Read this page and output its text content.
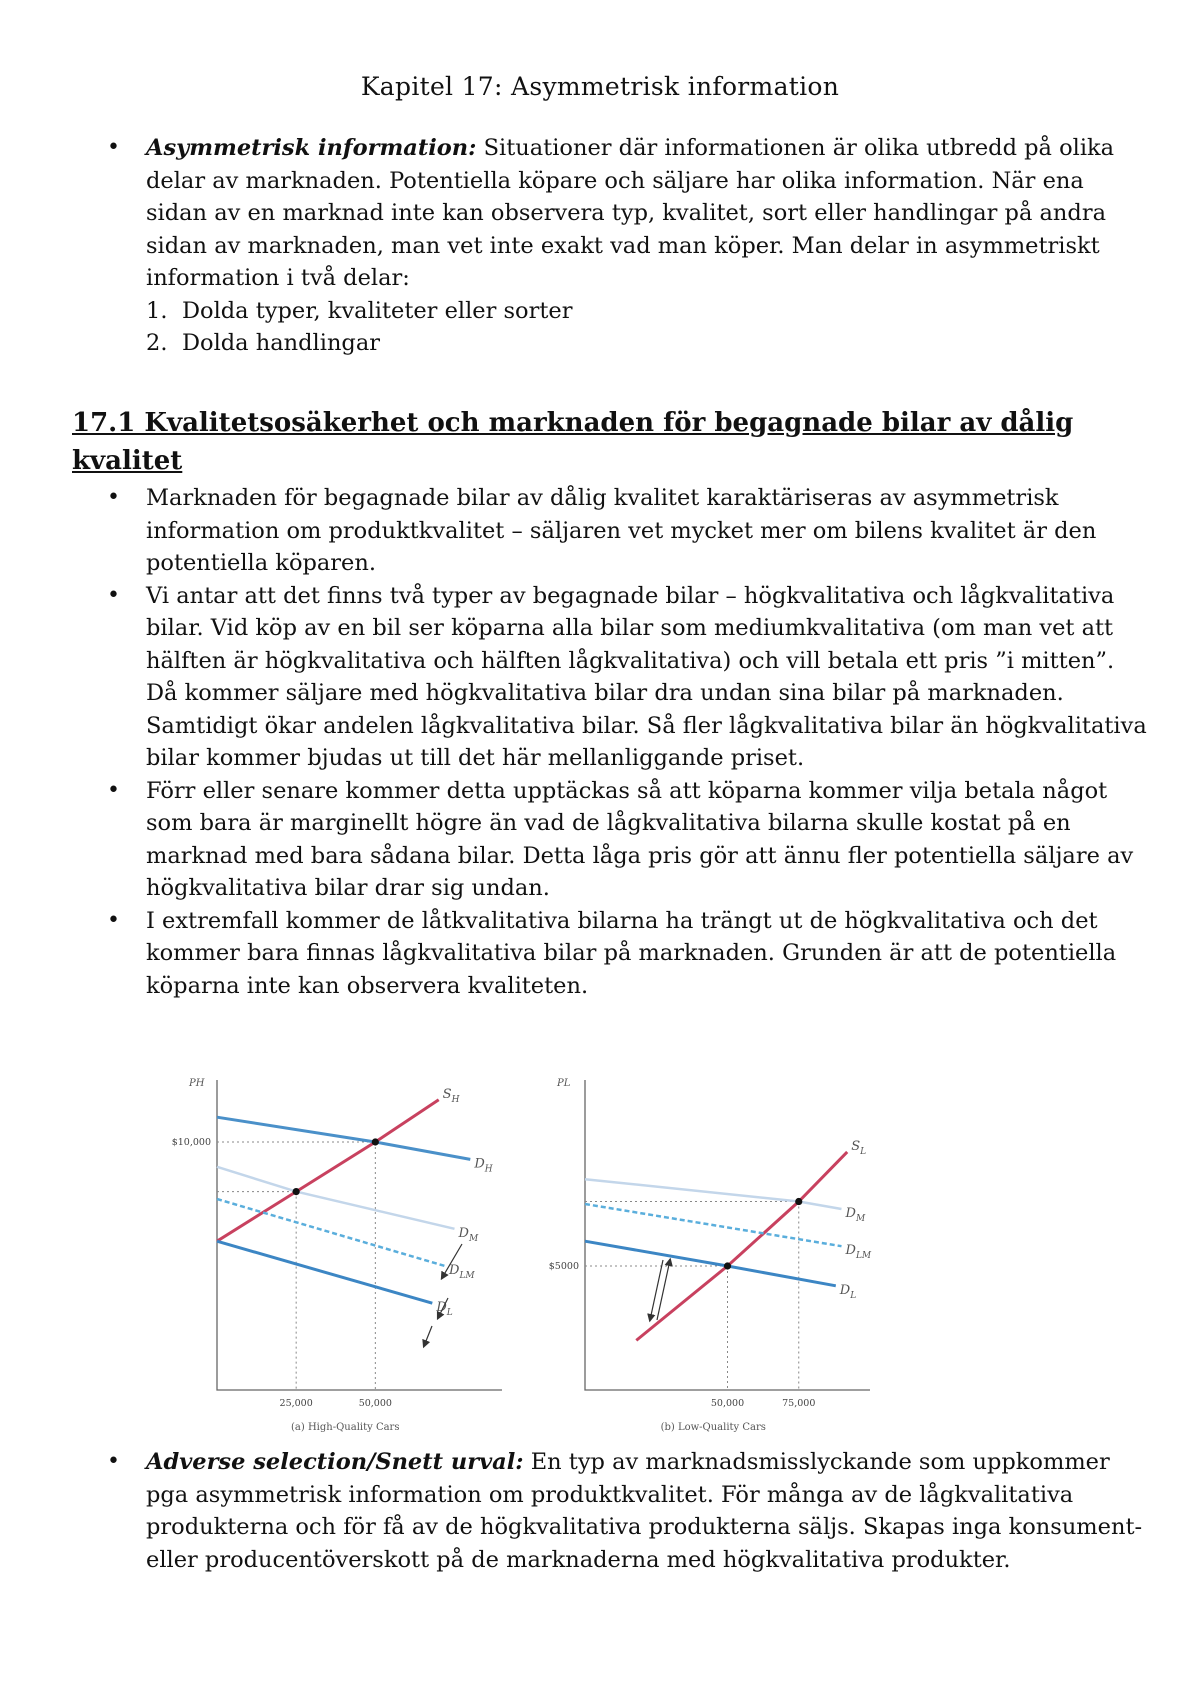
Kapitel 17: Asymmetrisk information
• Asymmetrisk information: Situationer där informationen är olika utbredd på olika delar av marknaden. Potentiella köpare och säljare har olika information. När ena sidan av en marknad inte kan observera typ, kvalitet, sort eller handlingar på andra sidan av marknaden, man vet inte exakt vad man köper. Man delar in asymmetriskt information i två delar:
1. Dolda typer, kvaliteter eller sorter
2. Dolda handlingar
17.1 Kvalitetsosäkerhet och marknaden för begagnade bilar av dålig kvalitet
• Marknaden för begagnade bilar av dålig kvalitet karaktäriseras av asymmetrisk information om produktkvalitet – säljaren vet mycket mer om bilens kvalitet är den potentiella köparen.
• Vi antar att det finns två typer av begagnade bilar – högkvalitativa och lågkvalitativa bilar. Vid köp av en bil ser köparna alla bilar som mediumkvalitativa (om man vet att hälften är högkvalitativa och hälften lågkvalitativa) och vill betala ett pris ”i mitten”. Då kommer säljare med högkvalitativa bilar dra undan sina bilar på marknaden. Samtidigt ökar andelen lågkvalitativa bilar. Så fler lågkvalitativa bilar än högkvalitativa bilar kommer bjudas ut till det här mellanliggande priset.
• Förr eller senare kommer detta upptäckas så att köparna kommer vilja betala något som bara är marginellt högre än vad de lågkvalitativa bilarna skulle kostat på en marknad med bara sådana bilar. Detta låga pris gör att ännu fler potentiella säljare av högkvalitativa bilar drar sig undan.
• I extremfall kommer de låtkvalitativa bilarna ha trängt ut de högkvalitativa och det kommer bara finnas lågkvalitativa bilar på marknaden. Grunden är att de potentiella köparna inte kan observera kvaliteten.
PH
25,000	50,000
$10,000
$S_H$
$D_H$
$D_M$
$D_{LM}$
$D_L$
(a) High-Quality Cars
PL
50,000	75,000
$5000
$S_L$
$D_M$
$D_{LM}$
$D_L$
(b) Low-Quality Cars
• Adverse selection/Snett urval: En typ av marknadsmisslyckande som uppkommer pga asymmetrisk information om produktkvalitet. För många av de lågkvalitativa produkterna och för få av de högkvalitativa produkterna säljs. Skapas inga konsument- eller producentöverskott på de marknaderna med högkvalitativa produkter.
